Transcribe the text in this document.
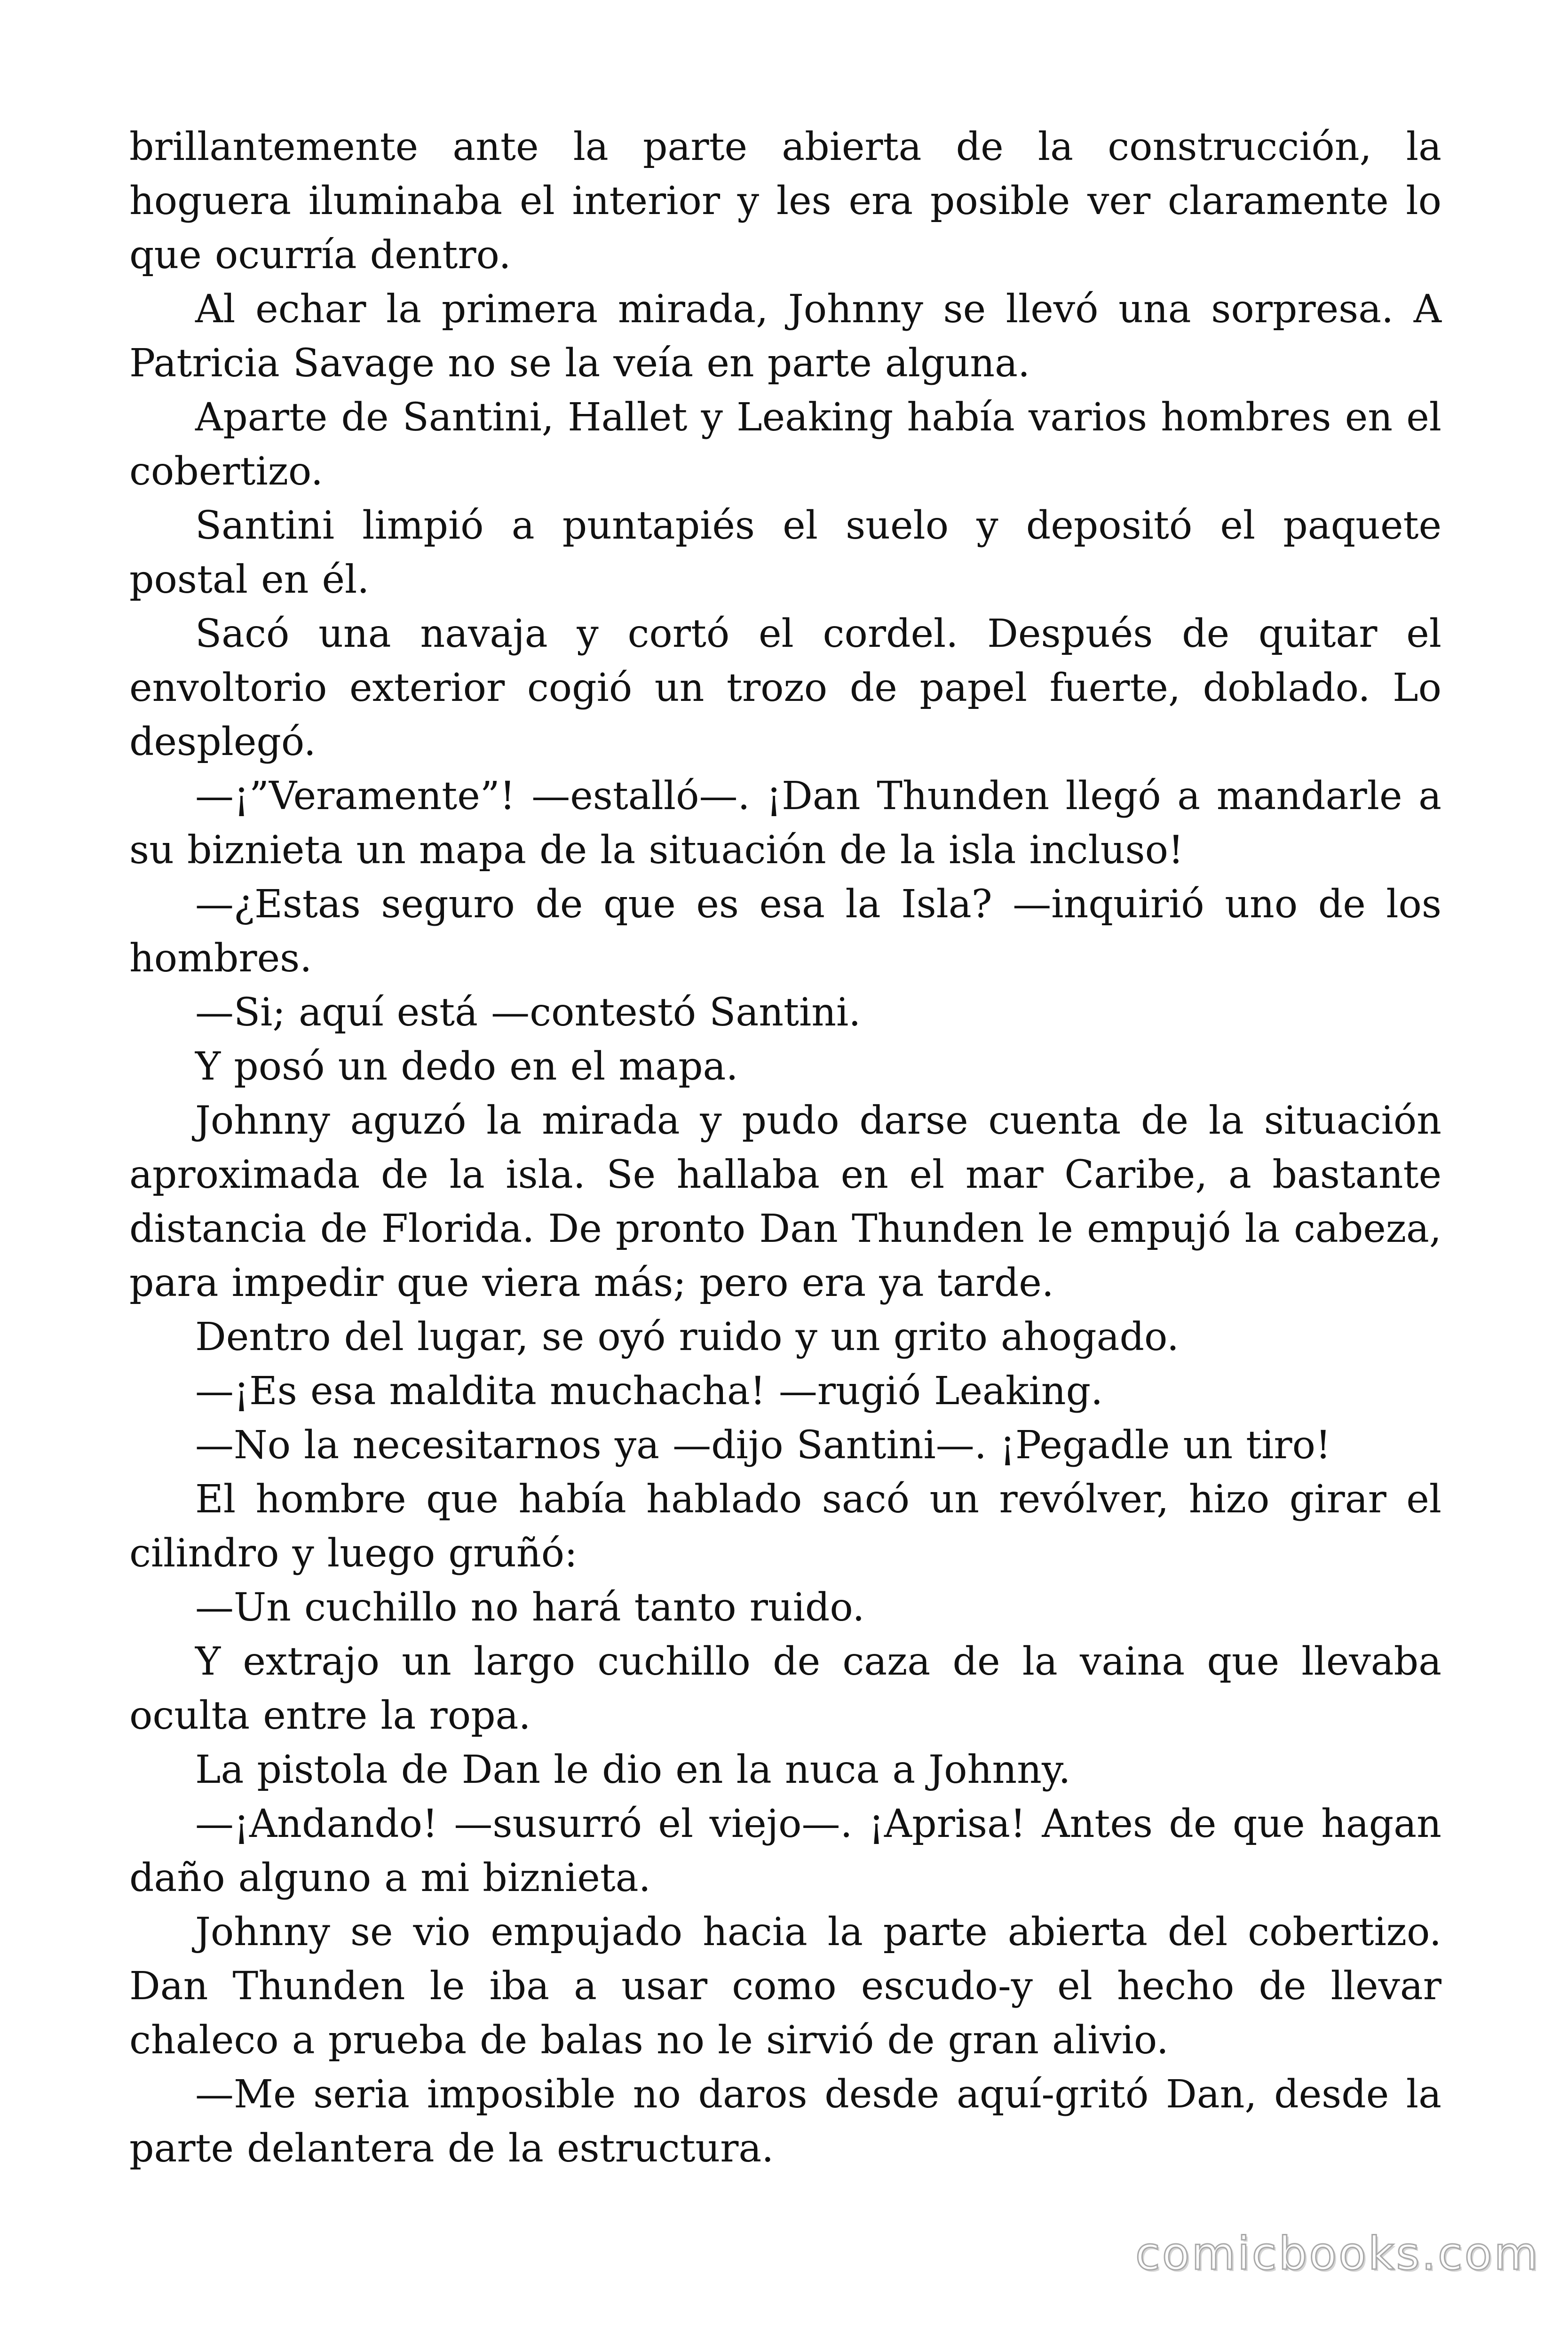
brillantemente ante la parte abierta de la construcción, la hoguera iluminaba el interior y les era posible ver claramente lo que ocurría dentro.

Al echar la primera mirada, Johnny se llevó una sorpresa. A Patricia Savage no se la veía en parte alguna.

Aparte de Santini, Hallet y Leaking había varios hombres en el cobertizo.

Santini limpió a puntapiés el suelo y depositó el paquete postal en él.

Sacó una navaja y cortó el cordel. Después de quitar el envoltorio exterior cogió un trozo de papel fuerte, doblado. Lo desplegó.

—¡”Veramente”! —estalló—. ¡Dan Thunden llegó a mandarle a su biznieta un mapa de la situación de la isla incluso!

—¿Estas seguro de que es esa la Isla? —inquirió uno de los hombres.

—Si; aquí está —contestó Santini.

Y posó un dedo en el mapa.

Johnny aguzó la mirada y pudo darse cuenta de la situación aproximada de la isla. Se hallaba en el mar Caribe, a bastante distancia de Florida. De pronto Dan Thunden le empujó la cabeza, para impedir que viera más; pero era ya tarde.

Dentro del lugar, se oyó ruido y un grito ahogado.

—¡Es esa maldita muchacha! —rugió Leaking.

—No la necesitarnos ya —dijo Santini—. ¡Pegadle un tiro!

El hombre que había hablado sacó un revólver, hizo girar el cilindro y luego gruñó:

—Un cuchillo no hará tanto ruido.

Y extrajo un largo cuchillo de caza de la vaina que llevaba oculta entre la ropa.

La pistola de Dan le dio en la nuca a Johnny.

—¡Andando! —susurró el viejo—. ¡Aprisa! Antes de que hagan daño alguno a mi biznieta.

Johnny se vio empujado hacia la parte abierta del cobertizo. Dan Thunden le iba a usar como escudo-y el hecho de llevar chaleco a prueba de balas no le sirvió de gran alivio.

—Me seria imposible no daros desde aquí-gritó Dan, desde la parte delantera de la estructura.

comicbooks.com
